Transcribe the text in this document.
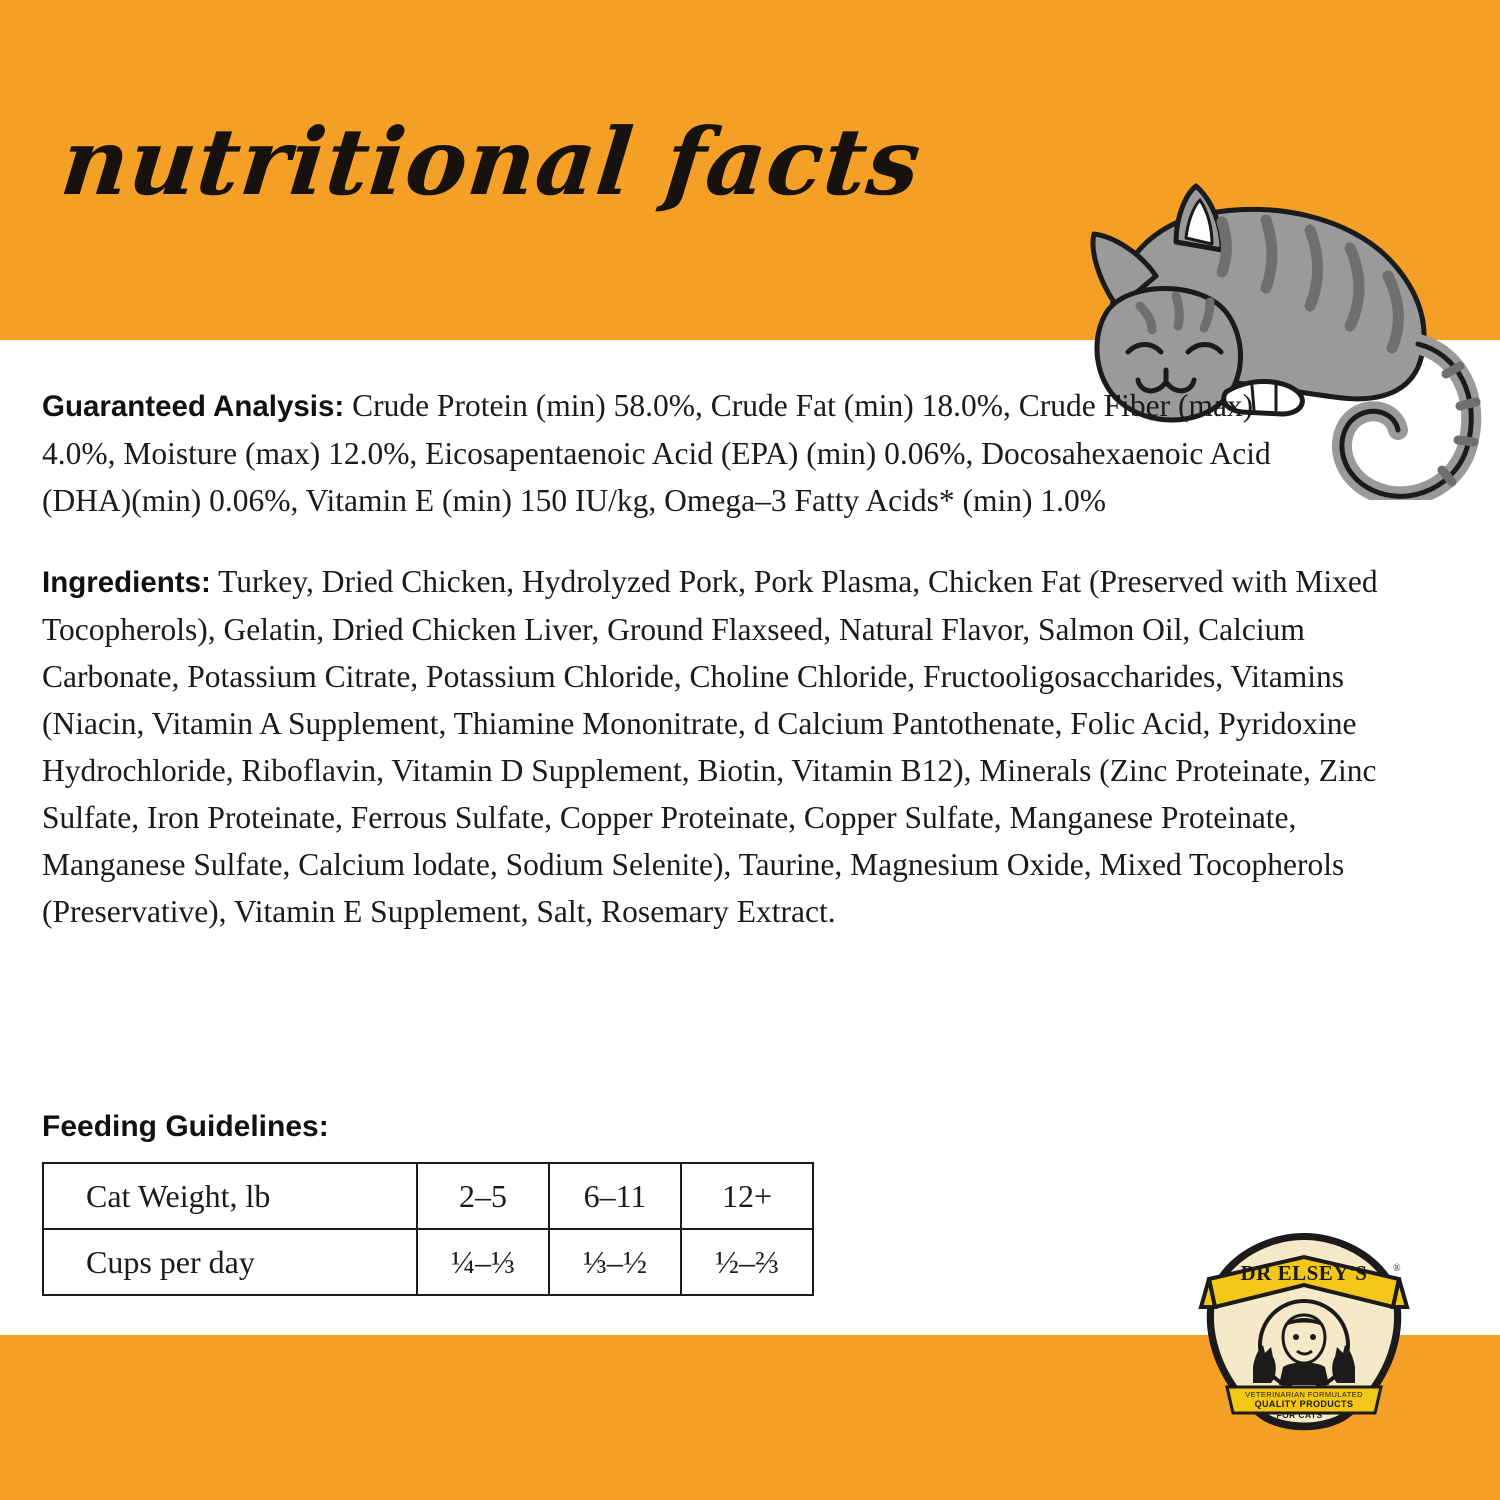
nutritional facts

Guaranteed Analysis: Crude Protein (min) 58.0%, Crude Fat (min) 18.0%, Crude Fiber (max) 4.0%, Moisture (max) 12.0%, Eicosapentaenoic Acid (EPA) (min) 0.06%, Docosahexaenoic Acid (DHA)(min) 0.06%, Vitamin E (min) 150 IU/kg, Omega–3 Fatty Acids* (min) 1.0%

Ingredients: Turkey, Dried Chicken, Hydrolyzed Pork, Pork Plasma, Chicken Fat (Preserved with Mixed Tocopherols), Gelatin, Dried Chicken Liver, Ground Flaxseed, Natural Flavor, Salmon Oil, Calcium Carbonate, Potassium Citrate, Potassium Chloride, Choline Chloride, Fructooligosaccharides, Vitamins (Niacin, Vitamin A Supplement, Thiamine Mononitrate, d Calcium Pantothenate, Folic Acid, Pyridoxine Hydrochloride, Riboflavin, Vitamin D Supplement, Biotin, Vitamin B12), Minerals (Zinc Proteinate, Zinc Sulfate, Iron Proteinate, Ferrous Sulfate, Copper Proteinate, Copper Sulfate, Manganese Proteinate, Manganese Sulfate, Calcium lodate, Sodium Selenite), Taurine, Magnesium Oxide, Mixed Tocopherols (Preservative), Vitamin E Supplement, Salt, Rosemary Extract.

Feeding Guidelines:
Cat Weight, lb	2–5	6–11	12+
Cups per day	¼–⅓	⅓–½	½–⅔	DR ELSEY'S	®
VETERINARIAN FORMULATED
QUALITY PRODUCTS
FOR CATS™
